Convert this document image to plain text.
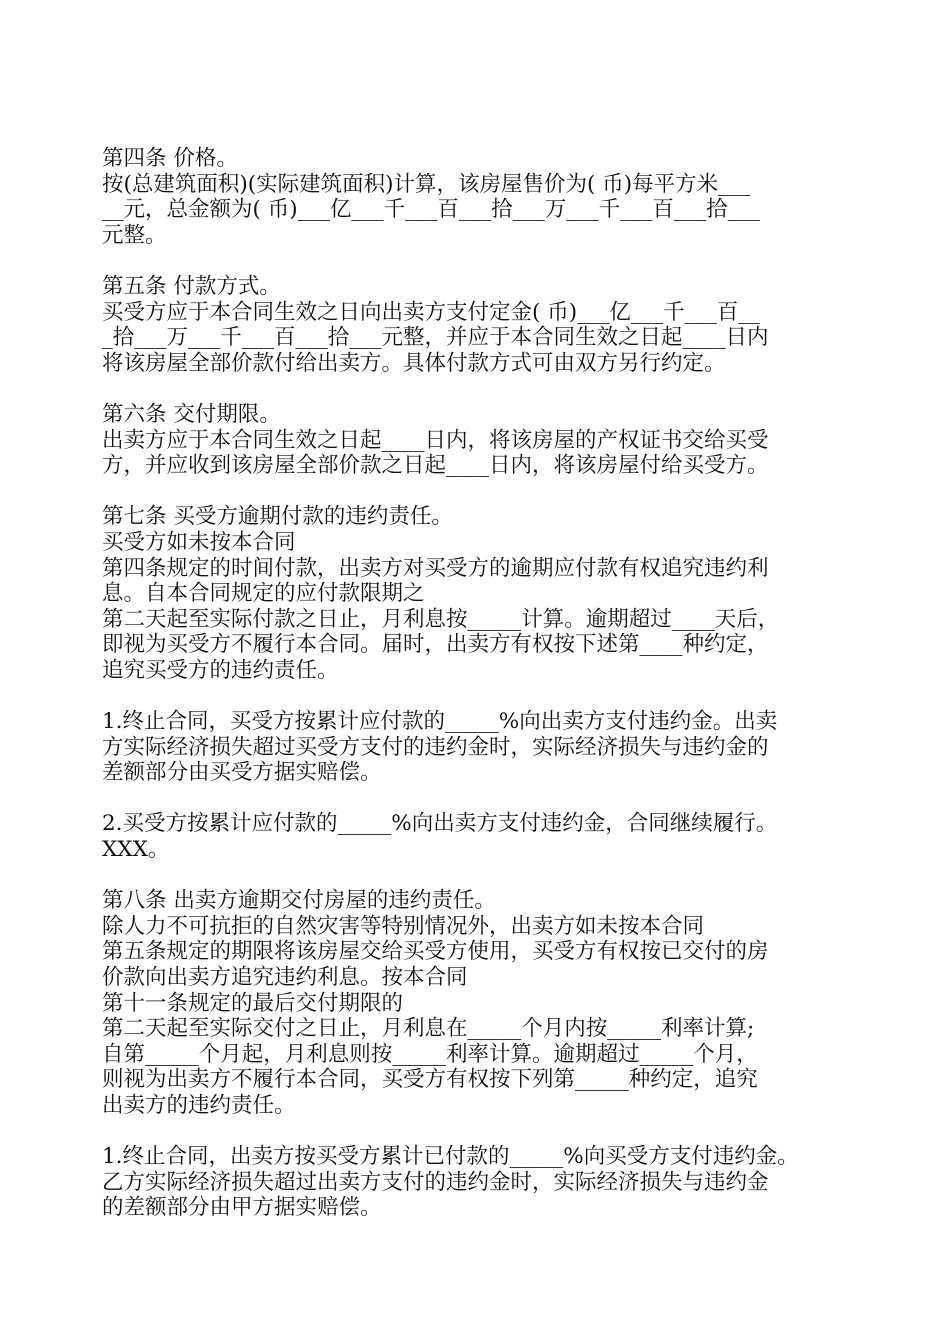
第四条 价格。
按(总建筑面积)(实际建筑面积)计算，该房屋售价为( 币)每平方米___
__元，总金额为( 币)___亿___千___百___拾___万___千___百___拾___
元整。
第五条 付款方式。
买受方应于本合同生效之日向出卖方支付定金( 币)___亿___千___百__
_拾___万___千___百___拾___元整，并应于本合同生效之日起____日内
将该房屋全部价款付给出卖方。具体付款方式可由双方另行约定。
第六条 交付期限。
出卖方应于本合同生效之日起____日内，将该房屋的产权证书交给买受
方，并应收到该房屋全部价款之日起____日内，将该房屋付给买受方。
第七条 买受方逾期付款的违约责任。
买受方如未按本合同
第四条规定的时间付款，出卖方对买受方的逾期应付款有权追究违约利
息。自本合同规定的应付款限期之
第二天起至实际付款之日止，月利息按_____计算。逾期超过____天后，
即视为买受方不履行本合同。届时，出卖方有权按下述第____种约定，
追究买受方的违约责任。
1.终止合同，买受方按累计应付款的_____%向出卖方支付违约金。出卖
方实际经济损失超过买受方支付的违约金时，实际经济损失与违约金的
差额部分由买受方据实赔偿。
2.买受方按累计应付款的_____%向出卖方支付违约金，合同继续履行。
XXX。
第八条 出卖方逾期交付房屋的违约责任。
除人力不可抗拒的自然灾害等特别情况外，出卖方如未按本合同
第五条规定的期限将该房屋交给买受方使用，买受方有权按已交付的房
价款向出卖方追究违约利息。按本合同
第十一条规定的最后交付期限的
第二天起至实际交付之日止，月利息在_____个月内按_____利率计算;
自第_____个月起，月利息则按_____利率计算。逾期超过_____个月，
则视为出卖方不履行本合同，买受方有权按下列第_____种约定，追究
出卖方的违约责任。
1.终止合同，出卖方按买受方累计已付款的_____%向买受方支付违约金。
乙方实际经济损失超过出卖方支付的违约金时，实际经济损失与违约金
的差额部分由甲方据实赔偿。
